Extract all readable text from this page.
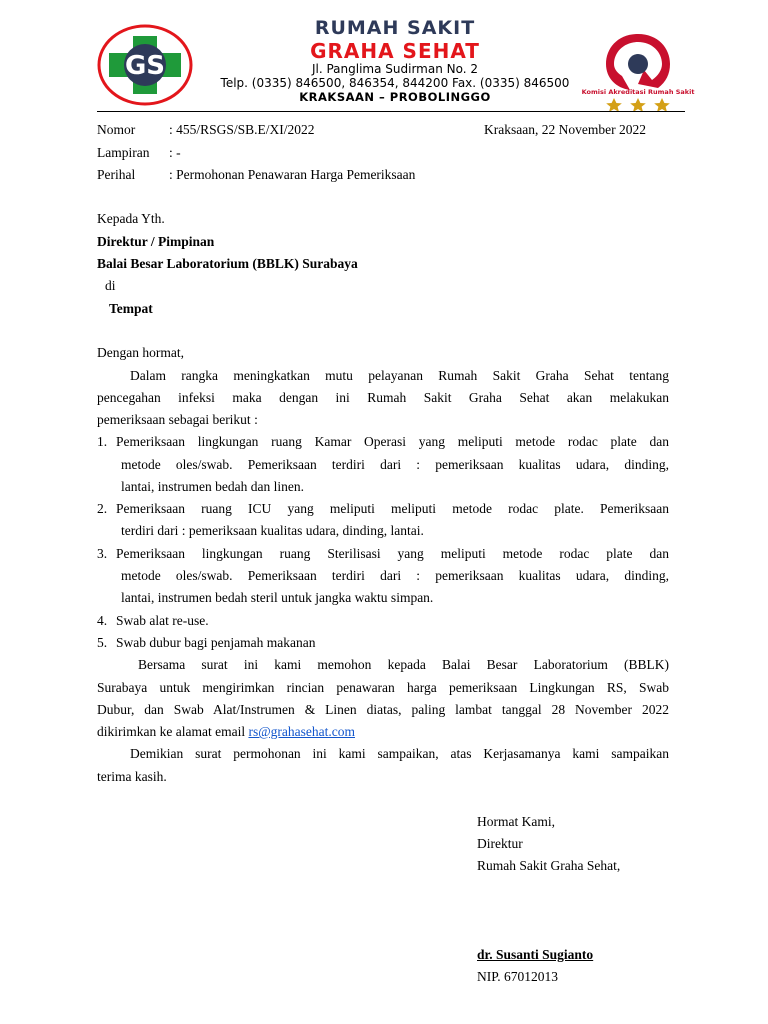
GS
RUMAH SAKIT
GRAHA SEHAT
Jl. Panglima Sudirman No. 2
Telp. (0335) 846500, 846354, 844200 Fax. (0335) 846500
KRAKSAAN – PROBOLINGGO	Komisi Akreditasi Rumah Sakit
Nomor	: 455/RSGS/SB.E/XI/2022	Kraksaan, 22 November 2022
Lampiran : -
Perihal	: Permohonan Penawaran Harga Pemeriksaan
Kepada Yth.
Direktur / Pimpinan
Balai Besar Laboratorium (BBLK) Surabaya
di
Tempat
Dengan hormat,
Dalam rangka meningkatkan mutu pelayanan Rumah Sakit Graha Sehat tentang
pencegahan infeksi maka dengan ini Rumah Sakit Graha Sehat akan melakukan
pemeriksaan sebagai berikut :
1. Pemeriksaan lingkungan ruang Kamar Operasi yang meliputi metode rodac plate dan
metode oles/swab. Pemeriksaan terdiri dari : pemeriksaan kualitas udara, dinding,
lantai, instrumen bedah dan linen.
2. Pemeriksaan ruang ICU yang meliputi meliputi metode rodac plate. Pemeriksaan
terdiri dari : pemeriksaan kualitas udara, dinding, lantai.
3. Pemeriksaan lingkungan ruang Sterilisasi yang meliputi metode rodac plate dan
metode oles/swab. Pemeriksaan terdiri dari : pemeriksaan kualitas udara, dinding,
lantai, instrumen bedah steril untuk jangka waktu simpan.
4. Swab alat re-use.
5. Swab dubur bagi penjamah makanan
Bersama surat ini kami memohon kepada Balai Besar Laboratorium (BBLK)
Surabaya untuk mengirimkan rincian penawaran harga pemeriksaan Lingkungan RS, Swab
Dubur, dan Swab Alat/Instrumen & Linen diatas, paling lambat tanggal 28 November 2022
dikirimkan ke alamat email rs@grahasehat.com
Demikian surat permohonan ini kami sampaikan, atas Kerjasamanya kami sampaikan
terima kasih.
Hormat Kami,
Direktur
Rumah Sakit Graha Sehat,
dr. Susanti Sugianto
NIP. 67012013
